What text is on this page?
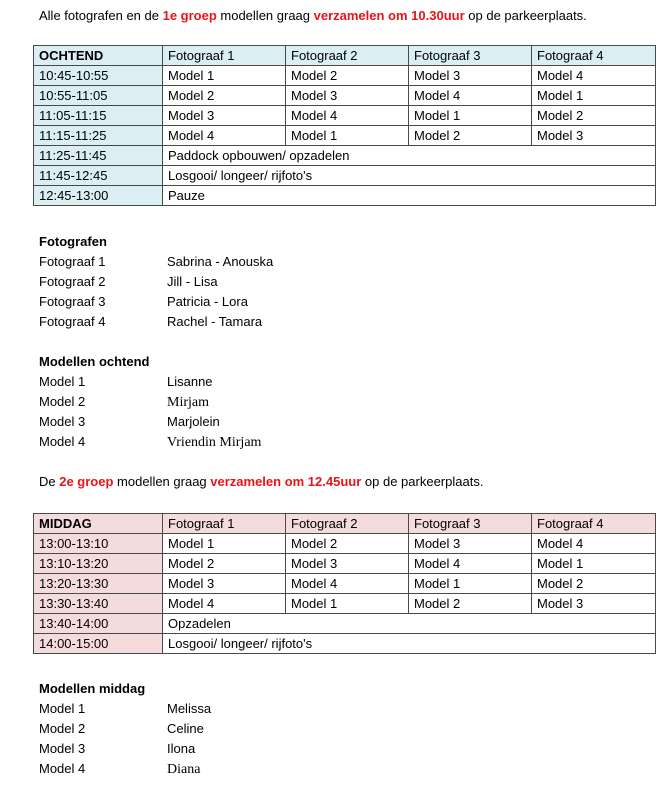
Alle fotografen en de 1e groep modellen graag verzamelen om 10.30uur op de parkeerplaats.
OCHTEND	Fotograaf 1	Fotograaf 2	Fotograaf 3	Fotograaf 4
10:45-10:55	Model 1	Model 2	Model 3	Model 4
10:55-11:05	Model 2	Model 3	Model 4	Model 1
11:05-11:15	Model 3	Model 4	Model 1	Model 2
11:15-11:25	Model 4	Model 1	Model 2	Model 3
11:25-11:45	Paddock opbouwen/ opzadelen			
11:45-12:45	Losgooi/ longeer/ rijfoto's			
12:45-13:00	Pauze			
Fotografen
Fotograaf 1	Sabrina - Anouska
Fotograaf 2	Jill - Lisa
Fotograaf 3	Patricia - Lora
Fotograaf 4	Rachel - Tamara
Modellen ochtend
Model 1	Lisanne
Model 2	Mirjam
Model 3	Marjolein
Model 4	Vriendin Mirjam
De 2e groep modellen graag verzamelen om 12.45uur op de parkeerplaats.
MIDDAG	Fotograaf 1	Fotograaf 2	Fotograaf 3	Fotograaf 4
13:00-13:10	Model 1	Model 2	Model 3	Model 4
13:10-13:20	Model 2	Model 3	Model 4	Model 1
13:20-13:30	Model 3	Model 4	Model 1	Model 2
13:30-13:40	Model 4	Model 1	Model 2	Model 3
13:40-14:00	Opzadelen			
14:00-15:00	Losgooi/ longeer/ rijfoto's			
Modellen middag
Model 1	Melissa
Model 2	Celine
Model 3	Ilona
Model 4	Diana
